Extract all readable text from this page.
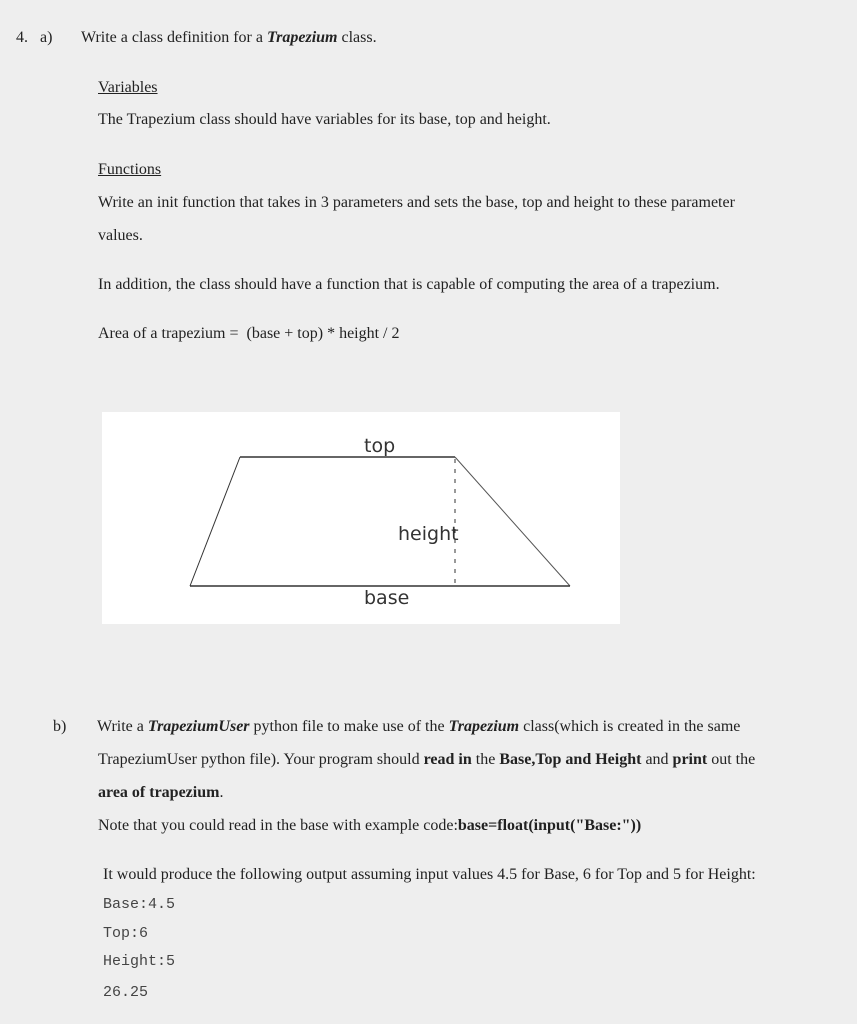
4. a) Write a class definition for a Trapezium class.
Variables
The Trapezium class should have variables for its base, top and height.
Functions
Write an init function that takes in 3 parameters and sets the base, top and height to these parameter
values.
In addition, the class should have a function that is capable of computing the area of a trapezium.
Area of a trapezium =  (base + top) * height / 2
top
height
base
b) Write a TrapeziumUser python file to make use of the Trapezium class(which is created in the same
TrapeziumUser python file). Your program should read in the Base,Top and Height and print out the
area of trapezium.
Note that you could read in the base with example code:base=float(input("Base:"))
It would produce the following output assuming input values 4.5 for Base, 6 for Top and 5 for Height:
Base:4.5
Top:6
Height:5
26.25
